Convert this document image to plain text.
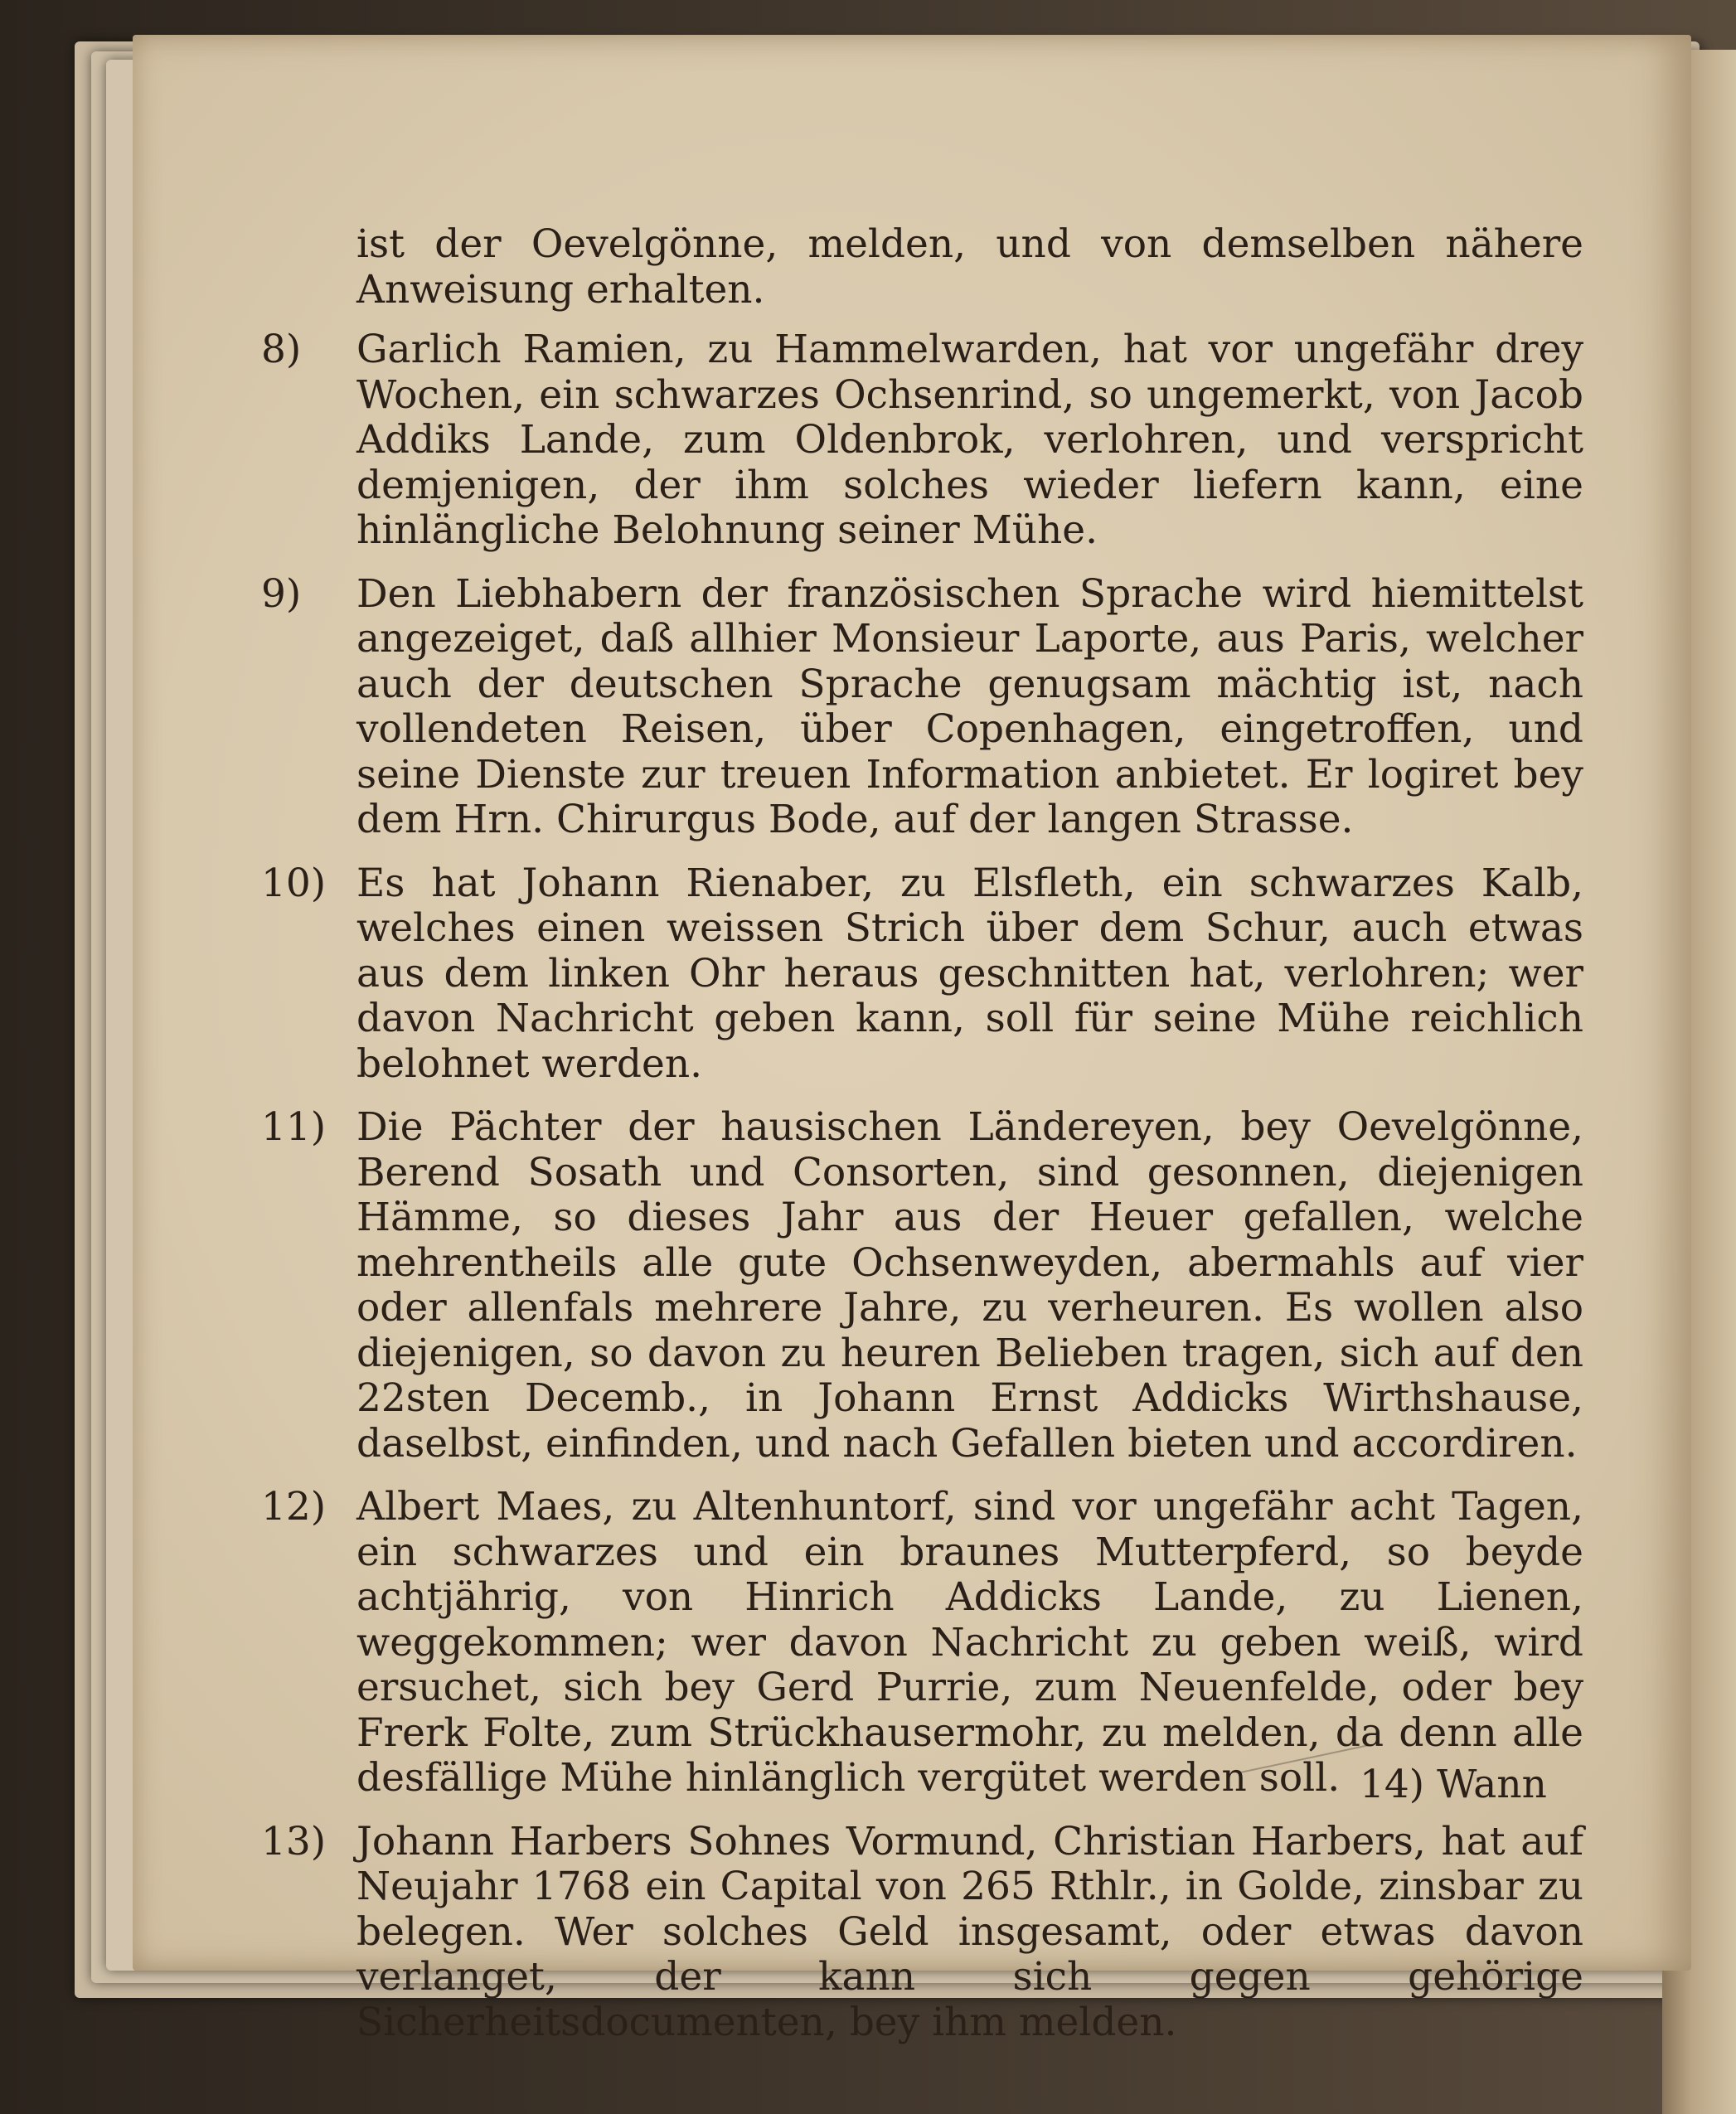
ist der Oevelgönne, melden, und von demselben nähere Anweisung erhalten.
8)	Garlich Ramien, zu Hammelwarden, hat vor ungefähr drey Wochen, ein schwarzes Ochsenrind, so ungemerkt, von Jacob Addiks Lande, zum Oldenbrok, verlohren, und verspricht demjenigen, der ihm solches wieder liefern kann, eine hinlängliche Belohnung seiner Mühe.
9)	Den Liebhabern der französischen Sprache wird hiemittelst angezeiget, daß allhier Monsieur Laporte, aus Paris, welcher auch der deutschen Sprache genugsam mächtig ist, nach vollendeten Reisen, über Copenhagen, eingetroffen, und seine Dienste zur treuen Information anbietet. Er logiret bey dem Hrn. Chirurgus Bode, auf der langen Strasse.
10) Es hat Johann Rienaber, zu Elsfleth, ein schwarzes Kalb, welches einen weissen Strich über dem Schur, auch etwas aus dem linken Ohr heraus geschnitten hat, verlohren; wer davon Nachricht geben kann, soll für seine Mühe reichlich belohnet werden.
11) Die Pächter der hausischen Ländereyen, bey Oevelgönne, Berend Sosath und Consorten, sind gesonnen, diejenigen Hämme, so dieses Jahr aus der Heuer gefallen, welche mehrentheils alle gute Ochsenweyden, abermahls auf vier oder allenfals mehrere Jahre, zu verheuren. Es wollen also diejenigen, so davon zu heuren Belieben tragen, sich auf den 22sten Decemb., in Johann Ernst Addicks Wirthshause, daselbst, einfinden, und nach Gefallen bieten und accordiren.
12) Albert Maes, zu Altenhuntorf, sind vor ungefähr acht Tagen, ein schwarzes und ein braunes Mutterpferd, so beyde achtjährig, von Hinrich Addicks Lande, zu Lienen, weggekommen; wer davon Nachricht zu geben weiß, wird ersuchet, sich bey Gerd Purrie, zum Neuenfelde, oder bey Frerk Folte, zum Strückhausermohr, zu melden, da denn alle desfällige Mühe hinlänglich vergütet werden soll.
13) Johann Harbers Sohnes Vormund, Christian Harbers, hat auf Neujahr 1768 ein Capital von 265 Rthlr., in Golde, zinsbar zu belegen. Wer solches Geld insgesamt, oder etwas davon verlanget, der kann sich gegen gehörige Sicherheitsdocumenten, bey ihm melden.
14) Wann
